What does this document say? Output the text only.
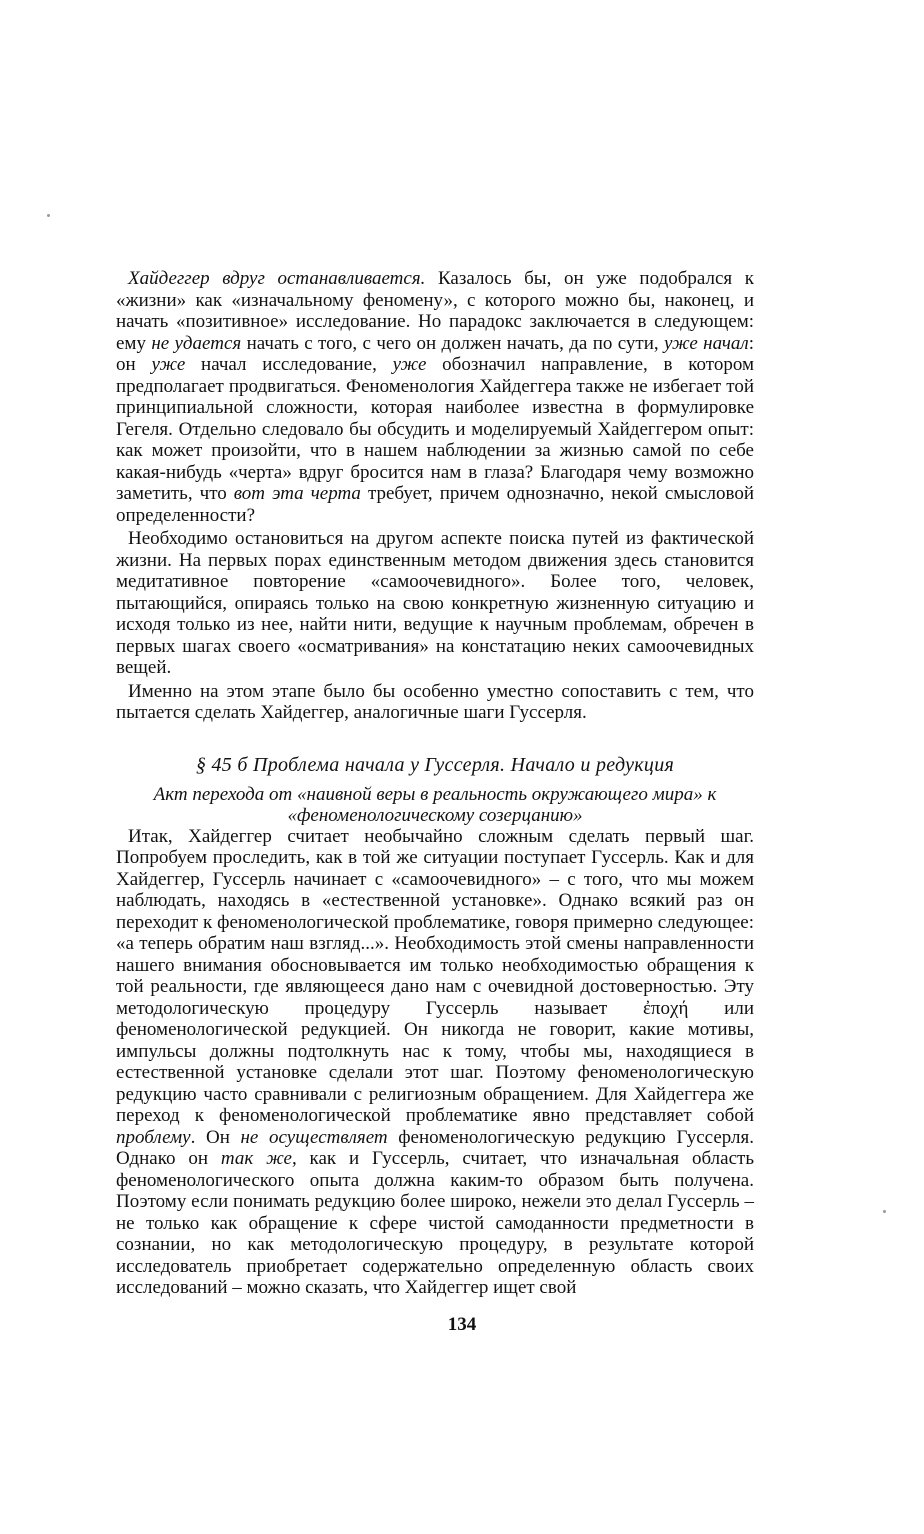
Хайдеггер вдруг останавливается. Казалось бы, он уже подобрался к «жизни» как «изначальному феномену», с которого можно бы, наконец, и начать «позитивное» исследование. Но парадокс заключается в следующем: ему не удается начать с того, с чего он должен начать, да по сути, уже начал: он уже начал исследование, уже обозначил направление, в котором предполагает продвигаться. Феноменология Хайдеггера также не избегает той принципиальной сложности, которая наиболее известна в формулировке Гегеля. Отдельно следовало бы обсудить и моделируемый Хайдеггером опыт: как может произойти, что в нашем наблюдении за жизнью самой по себе какая-нибудь «черта» вдруг бросится нам в глаза? Благодаря чему возможно заметить, что вот эта черта требует, причем однозначно, некой смысловой определенности?

Необходимо остановиться на другом аспекте поиска путей из фактической жизни. На первых порах единственным методом движения здесь становится медитативное повторение «самоочевидного». Более того, человек, пытающийся, опираясь только на свою конкретную жизненную ситуацию и исходя только из нее, найти нити, ведущие к научным проблемам, обречен в первых шагах своего «осматривания» на констатацию неких самоочевидных вещей.

Именно на этом этапе было бы особенно уместно сопоставить с тем, что пытается сделать Хайдеггер, аналогичные шаги Гуссерля.

§ 45 б Проблема начала у Гуссерля. Начало и редукция

Акт перехода от «наивной веры в реальность окружающего мира» к «феноменологическому созерцанию»

Итак, Хайдеггер считает необычайно сложным сделать первый шаг. Попробуем проследить, как в той же ситуации поступает Гуссерль. Как и для Хайдеггер, Гуссерль начинает с «самоочевидного» – с того, что мы можем наблюдать, находясь в «естественной установке». Однако всякий раз он переходит к феноменологической проблематике, говоря примерно следующее: «а теперь обратим наш взгляд...». Необходимость этой смены направленности нашего внимания обосновывается им только необходимостью обращения к той реальности, где являющееся дано нам с очевидной достоверностью. Эту методологическую процедуру Гуссерль называет ἐποχή или феноменологической редукцией. Он никогда не говорит, какие мотивы, импульсы должны подтолкнуть нас к тому, чтобы мы, находящиеся в естественной установке сделали этот шаг. Поэтому феноменологическую редукцию часто сравнивали с религиозным обращением. Для Хайдеггера же переход к феноменологической проблематике явно представляет собой проблему. Он не осуществляет феноменологическую редукцию Гуссерля. Однако он так же, как и Гуссерль, считает, что изначальная область феноменологического опыта должна каким-то образом быть получена. Поэтому если понимать редукцию более широко, нежели это делал Гуссерль – не только как обращение к сфере чистой самоданности предметности в сознании, но как методологическую процедуру, в результате которой исследователь приобретает содержательно определенную область своих исследований – можно сказать, что Хайдеггер ищет свой

134
